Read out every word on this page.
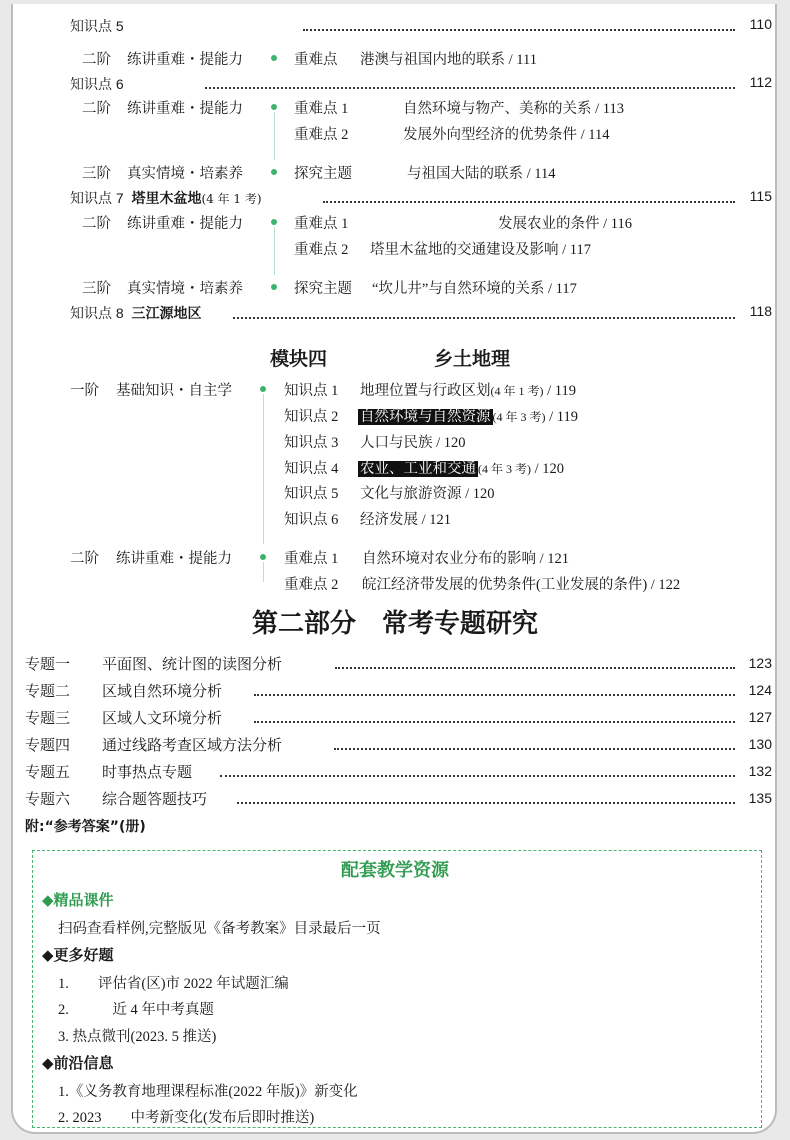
知识点 5	110
二阶 练讲重难・提能力	重难点 港澳与祖国内地的联系 / 111
知识点 6	112
二阶 练讲重难・提能力	重难点 1	自然环境与物产、美称的关系 / 113
重难点 2	发展外向型经济的优势条件 / 114
三阶 真实情境・培素养	探究主题	与祖国大陆的联系 / 114
知识点 7 塔里木盆地(4 年 1 考)	115
二阶 练讲重难・提能力	重难点 1	发展农业的条件 / 116
重难点 2 塔里木盆地的交通建设及影响 / 117
三阶 真实情境・培素养	探究主题 “坎儿井”与自然环境的关系 / 117
知识点 8 三江源地区	118
模块四	乡土地理
一阶 基础知识・自主学	知识点 1 地理位置与行政区划(4 年 1 考) / 119
知识点 2 自然环境与自然资源 (4 年 3 考) / 119
知识点 3 人口与民族 / 120
知识点 4 农业、工业和交通 (4 年 3 考) / 120
知识点 5 文化与旅游资源 / 120
知识点 6 经济发展 / 121
二阶 练讲重难・提能力	重难点 1 自然环境对农业分布的影响 / 121
重难点 2 皖江经济带发展的优势条件(工业发展的条件) / 122
第二部分　常考专题研究
专题一 平面图、统计图的读图分析	123
专题二 区域自然环境分析	124
专题三 区域人文环境分析	127
专题四 通过线路考查区域方法分析	130
专题五 时事热点专题	132
专题六 综合题答题技巧	135
附:“参考答案”(册)
配套教学资源
◆精品课件
扫码查看样例,完整版见《备考教案》目录最后一页
◆更多好题
1.　　评估省(区)市 2022 年试题汇编
2.　　　近 4 年中考真题
3. 热点微刊(2023. 5 推送)
◆前沿信息
1.《义务教育地理课程标准(2022 年版)》新变化
2. 2023　　中考新变化(发布后即时推送)
